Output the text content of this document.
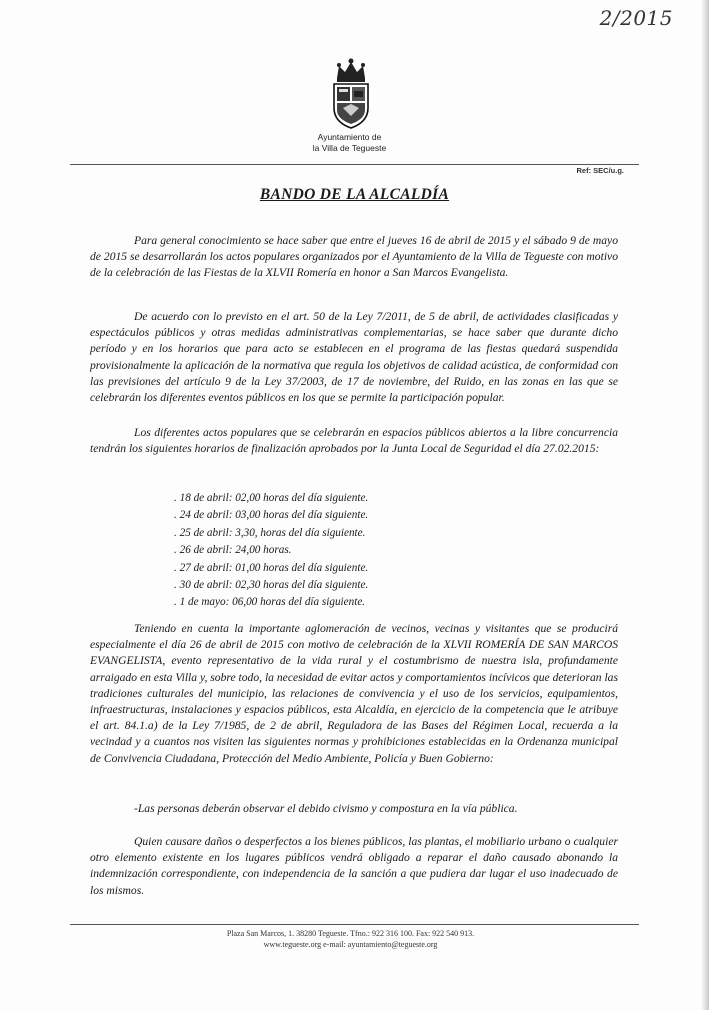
2/2015
Ayuntamiento de
la Villa de Tegueste
Ref: SEC/u.g.
BANDO DE LA ALCALDÍA

Para general conocimiento se hace saber que entre el jueves 16 de abril de 2015 y el sábado 9 de mayo de 2015 se desarrollarán los actos populares organizados por el Ayuntamiento de la Villa de Tegueste con motivo de la celebración de las Fiestas de la XLVII Romería en honor a San Marcos Evangelista.

De acuerdo con lo previsto en el art. 50 de la Ley 7/2011, de 5 de abril, de actividades clasificadas y espectáculos públicos y otras medidas administrativas complementarias, se hace saber que durante dicho período y en los horarios que para acto se establecen en el programa de las fiestas quedará suspendida provisionalmente la aplicación de la normativa que regula los objetivos de calidad acústica, de conformidad con las previsiones del artículo 9 de la Ley 37/2003, de 17 de noviembre, del Ruido, en las zonas en las que se celebrarán los diferentes eventos públicos en los que se permite la participación popular.

Los diferentes actos populares que se celebrarán en espacios públicos abiertos a la libre concurrencia tendrán los siguientes horarios de finalización aprobados por la Junta Local de Seguridad el día 27.02.2015:

. 18 de abril: 02,00 horas del día siguiente.
. 24 de abril: 03,00 horas del día siguiente.
. 25 de abril: 3,30, horas del día siguiente.
. 26 de abril: 24,00 horas.
. 27 de abril: 01,00 horas del día siguiente.
. 30 de abril: 02,30 horas del día siguiente.
. 1 de mayo: 06,00 horas del día siguiente.

Teniendo en cuenta la importante aglomeración de vecinos, vecinas y visitantes que se producirá especialmente el día 26 de abril de 2015 con motivo de celebración de la XLVII ROMERÍA DE SAN MARCOS EVANGELISTA, evento representativo de la vida rural y el costumbrismo de nuestra isla, profundamente arraigado en esta Villa y, sobre todo, la necesidad de evitar actos y comportamientos incívicos que deterioran las tradiciones culturales del municipio, las relaciones de convivencia y el uso de los servicios, equipamientos, infraestructuras, instalaciones y espacios públicos, esta Alcaldía, en ejercicio de la competencia que le atribuye el art. 84.1.a) de la Ley 7/1985, de 2 de abril, Reguladora de las Bases del Régimen Local, recuerda a la vecindad y a cuantos nos visiten las siguientes normas y prohibiciones establecidas en la Ordenanza municipal de Convivencia Ciudadana, Protección del Medio Ambiente, Policía y Buen Gobierno:

-Las personas deberán observar el debido civismo y compostura en la vía pública.

Quien causare daños o desperfectos a los bienes públicos, las plantas, el mobiliario urbano o cualquier otro elemento existente en los lugares públicos vendrá obligado a reparar el daño causado abonando la indemnización correspondiente, con independencia de la sanción a que pudiera dar lugar el uso inadecuado de los mismos.

Plaza San Marcos, 1. 38280 Tegueste. Tfno.: 922 316 100. Fax: 922 540 913.
www.tegueste.org e-mail: ayuntamiento@tegueste.org
